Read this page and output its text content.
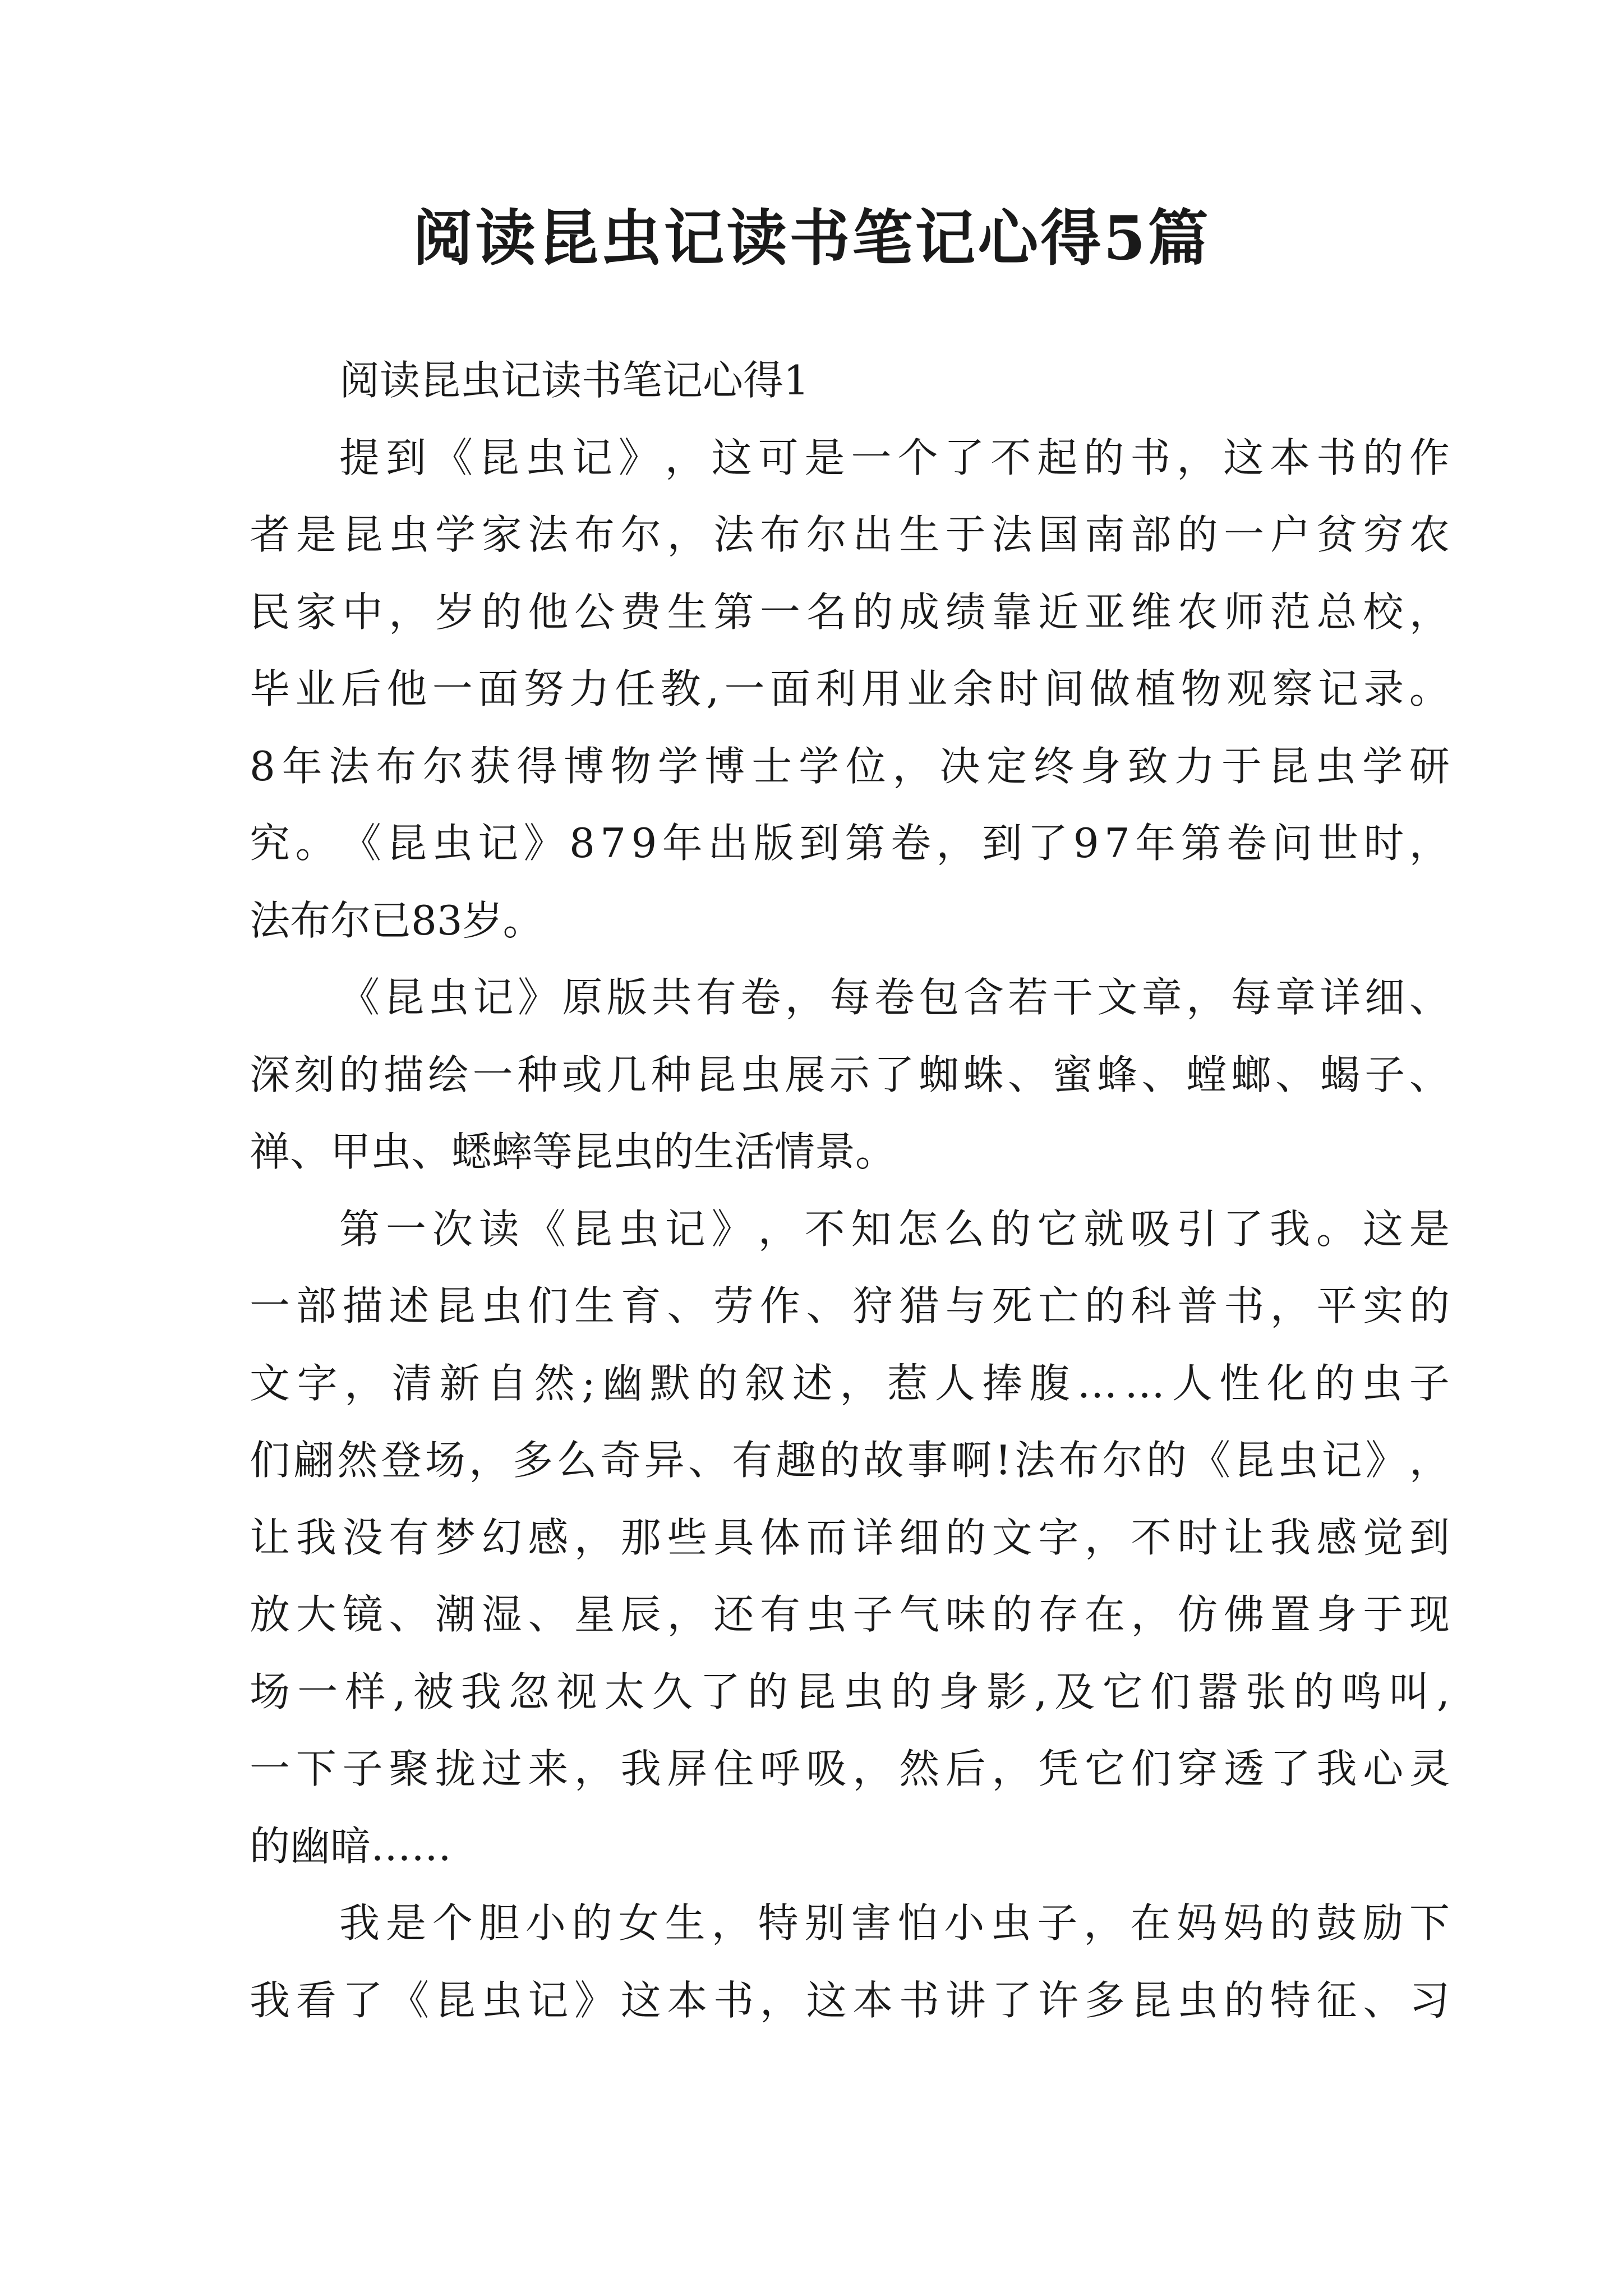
阅读昆虫记读书笔记心得5篇
阅读昆虫记读书笔记心得1
提 到 《 昆 虫 记 》 ， 这 可 是 一 个 了 不 起 的 书 ， 这 本 书 的 作
者 是 昆 虫 学 家 法 布 尔 ， 法 布 尔 出 生 于 法 国 南 部 的 一 户 贫 穷 农
民 家 中 ， 岁 的 他 公 费 生 第 一 名 的 成 绩 靠 近 亚 维 农 师 范 总 校 ，
毕 业 后 他 一 面 努 力 任 教 , 一 面 利 用 业 余 时 间 做 植 物 观 察 记 录 。
8 年 法 布 尔 获 得 博 物 学 博 士 学 位 ， 决 定 终 身 致 力 于 昆 虫 学 研
究 。 《 昆 虫 记 》 8 7 9 年 出 版 到 第 卷 ， 到 了 9 7 年 第 卷 问 世 时 ，
法布尔已83岁。
《 昆 虫 记 》 原 版 共 有 卷 ， 每 卷 包 含 若 干 文 章 ， 每 章 详 细 、
深 刻 的 描 绘 一 种 或 几 种 昆 虫 展 示 了 蜘 蛛 、 蜜 蜂 、 螳 螂 、 蝎 子 、
禅、甲虫、蟋蟀等昆虫的生活情景。
第 一 次 读 《 昆 虫 记 》 ， 不 知 怎 么 的 它 就 吸 引 了 我 。 这 是
一 部 描 述 昆 虫 们 生 育 、 劳 作 、 狩 猎 与 死 亡 的 科 普 书 ， 平 实 的
文 字 ， 清 新 自 然 ; 幽 默 的 叙 述 ， 惹 人 捧 腹 … … 人 性 化 的 虫 子
们 翩 然 登 场 ， 多 么 奇 异 、 有 趣 的 故 事 啊 ! 法 布 尔 的 《 昆 虫 记 》 ，
让 我 没 有 梦 幻 感 ， 那 些 具 体 而 详 细 的 文 字 ， 不 时 让 我 感 觉 到
放 大 镜 、 潮 湿 、 星 辰 ， 还 有 虫 子 气 味 的 存 在 ， 仿 佛 置 身 于 现
场 一 样 , 被 我 忽 视 太 久 了 的 昆 虫 的 身 影 , 及 它 们 嚣 张 的 鸣 叫 ,
一 下 子 聚 拢 过 来 ， 我 屏 住 呼 吸 ， 然 后 ， 凭 它 们 穿 透 了 我 心 灵
的幽暗……
我 是 个 胆 小 的 女 生 ， 特 别 害 怕 小 虫 子 ， 在 妈 妈 的 鼓 励 下
我 看 了 《 昆 虫 记 》 这 本 书 ， 这 本 书 讲 了 许 多 昆 虫 的 特 征 、 习
